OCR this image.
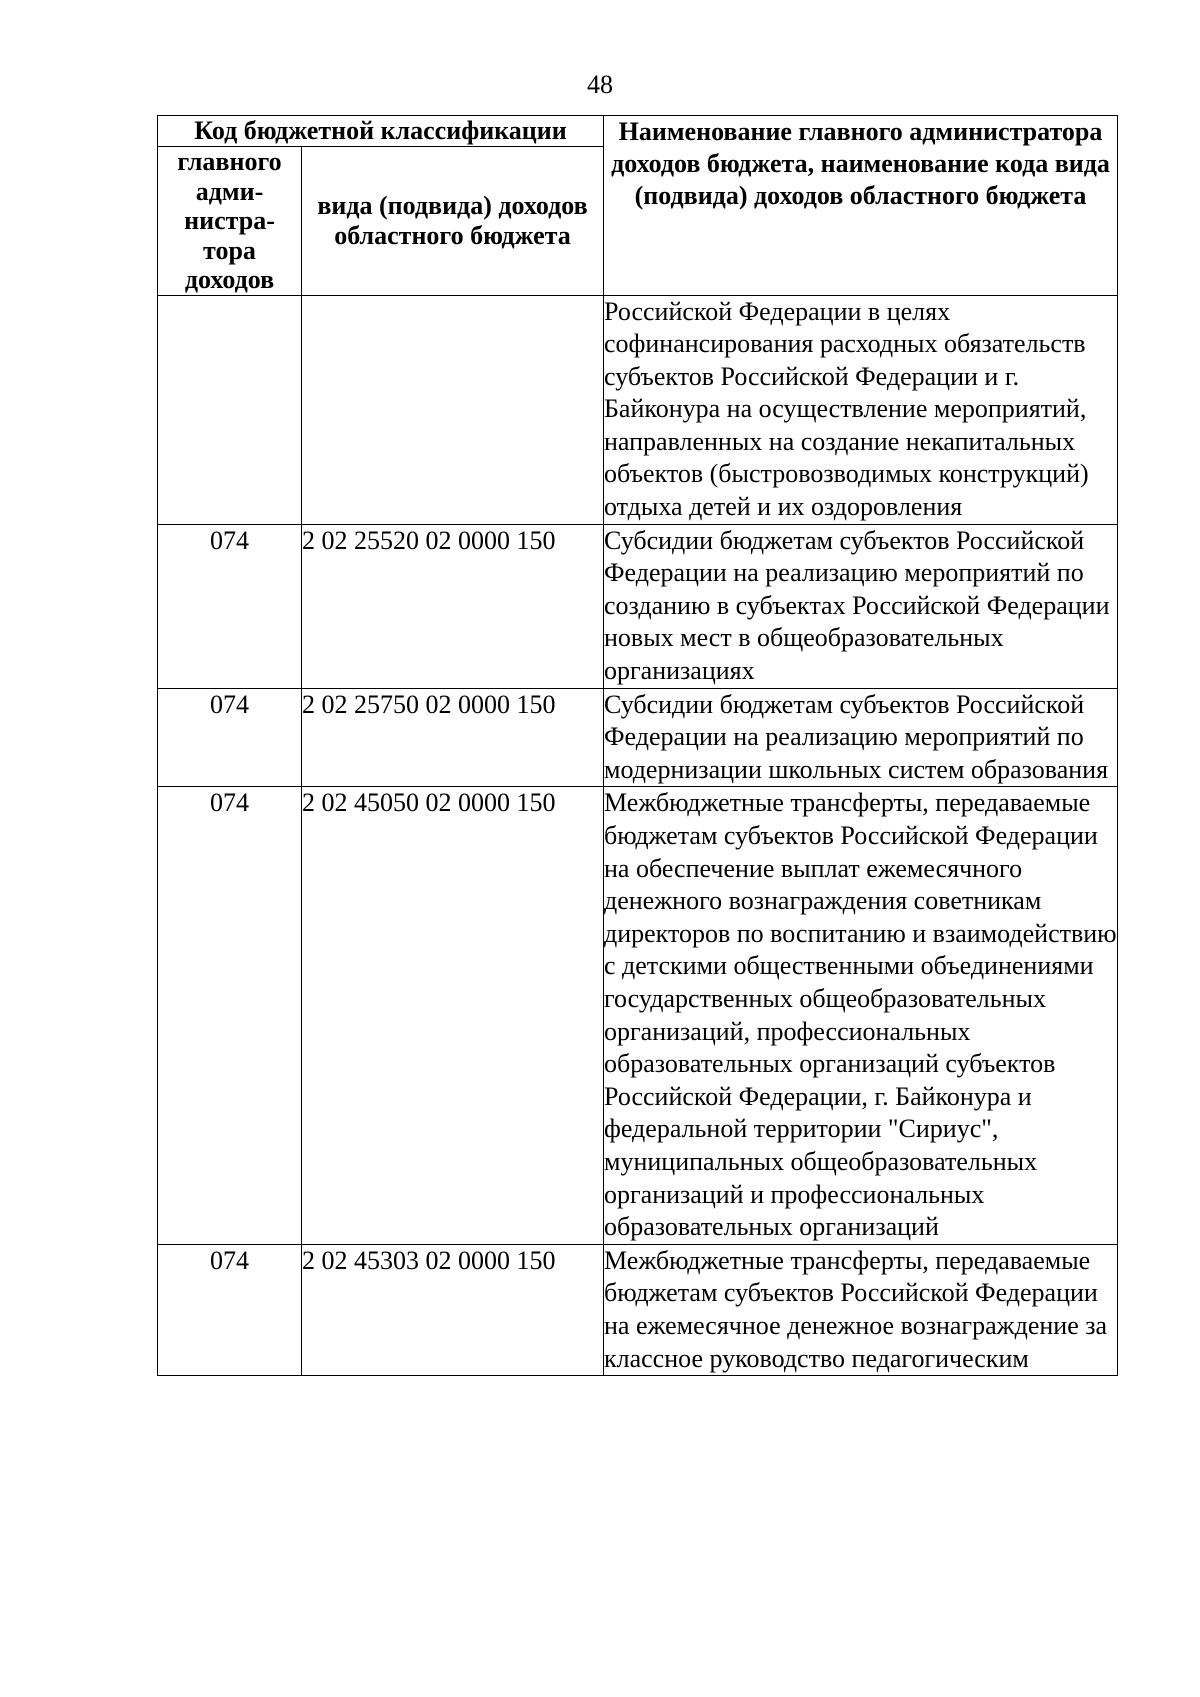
48
Код бюджетной классификации		Наименование главного администратора доходов бюджета, наименование кода вида (подвида) доходов областного бюджета
главного адми- нистра- тора доходов	вида (подвида) доходов областного бюджета	
		Российской Федерации в целях софинансирования расходных обязательств субъектов Российской Федерации и г. Байконура на осуществление мероприятий, направленных на создание некапитальных объектов (быстровозводимых конструкций) отдыха детей и их оздоровления
074	2 02 25520 02 0000 150	Субсидии бюджетам субъектов Российской Федерации на реализацию мероприятий по созданию в субъектах Российской Федерации новых мест в общеобразовательных организациях
074	2 02 25750 02 0000 150	Субсидии бюджетам субъектов Российской Федерации на реализацию мероприятий по модернизации школьных систем образования
074	2 02 45050 02 0000 150	Межбюджетные трансферты, передаваемые бюджетам субъектов Российской Федерации на обеспечение выплат ежемесячного денежного вознаграждения советникам директоров по воспитанию и взаимодействию с детскими общественными объединениями государственных общеобразовательных организаций, профессиональных образовательных организаций субъектов Российской Федерации, г. Байконура и федеральной территории "Сириус", муниципальных общеобразовательных организаций и профессиональных образовательных организаций
074	2 02 45303 02 0000 150	Межбюджетные трансферты, передаваемые бюджетам субъектов Российской Федерации на ежемесячное денежное вознаграждение за классное руководство педагогическим
